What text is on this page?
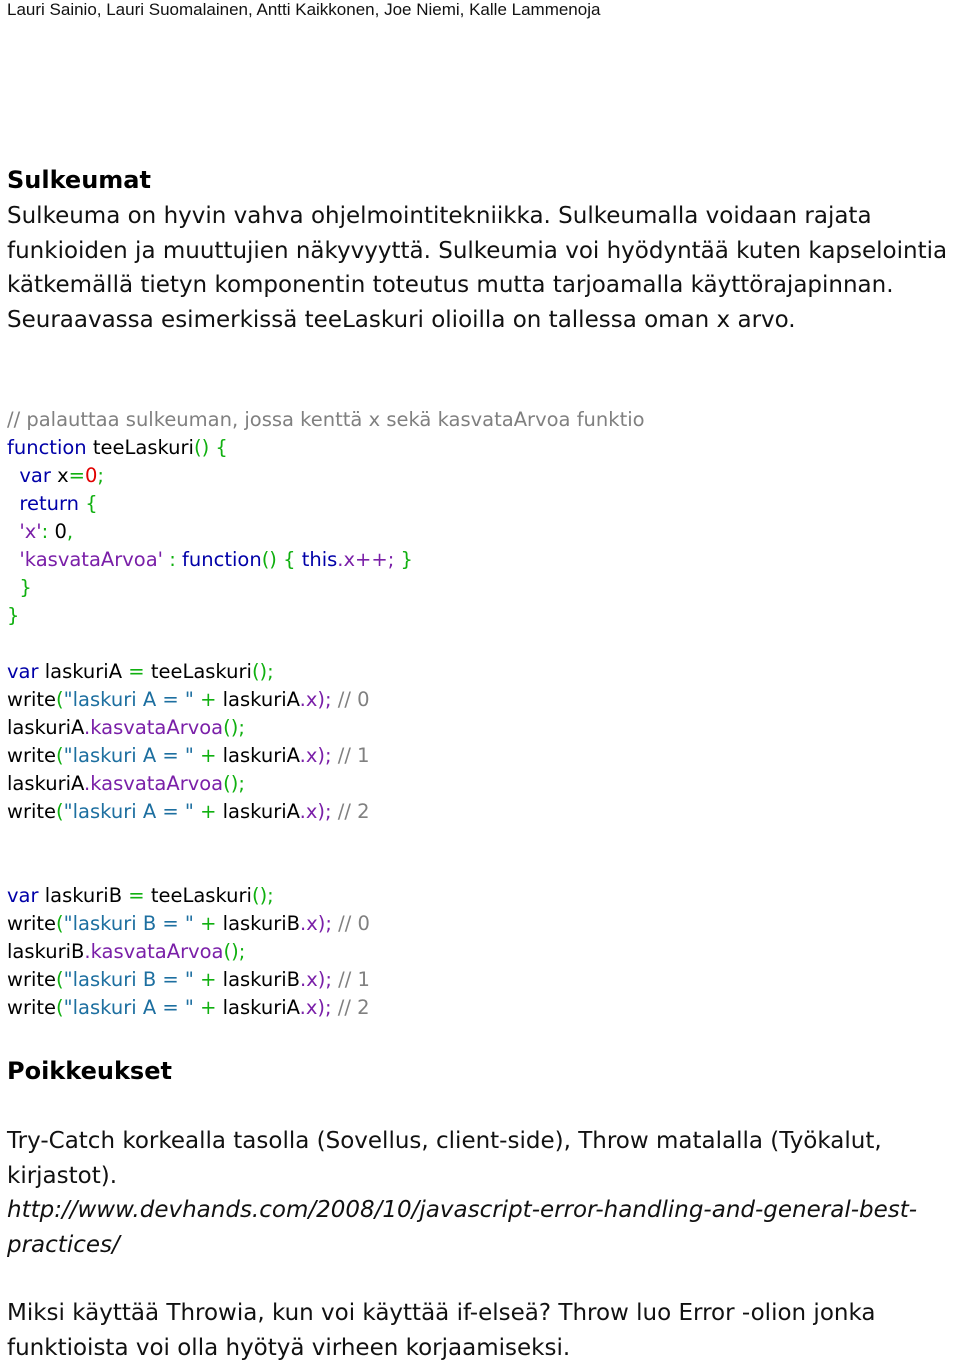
Lauri Sainio, Lauri Suomalainen, Antti Kaikkonen, Joe Niemi, Kalle Lammenoja
Sulkeumat
Sulkeuma on hyvin vahva ohjelmointitekniikka. Sulkeumalla voidaan rajata funkioiden ja muuttujien näkyvyyttä. Sulkeumia voi hyödyntää kuten kapselointia kätkemällä tietyn komponentin toteutus mutta tarjoamalla käyttörajapinnan. Seuraavassa esimerkissä teeLaskuri olioilla on tallessa oman x arvo.
// palauttaa sulkeuman, jossa kenttä x sekä kasvataArvoa funktio
function teeLaskuri() {
var x=0;
return {
'x': 0,
'kasvataArvoa' : function() { this.x++; }
}
}
var laskuriA = teeLaskuri();
write("laskuri A = " + laskuriA.x); // 0
laskuriA.kasvataArvoa();
write("laskuri A = " + laskuriA.x); // 1
laskuriA.kasvataArvoa();
write("laskuri A = " + laskuriA.x); // 2
var laskuriB = teeLaskuri();
write("laskuri B = " + laskuriB.x); // 0
laskuriB.kasvataArvoa();
write("laskuri B = " + laskuriB.x); // 1
write("laskuri A = " + laskuriA.x); // 2
Poikkeukset
Try-Catch korkealla tasolla (Sovellus, client-side), Throw matalalla (Työkalut, kirjastot).
http://www.devhands.com/2008/10/javascript-error-handling-and-general-best-practices/
Miksi käyttää Throwia, kun voi käyttää if-elseä? Throw luo Error -olion jonka funktioista voi olla hyötyä virheen korjaamiseksi.
